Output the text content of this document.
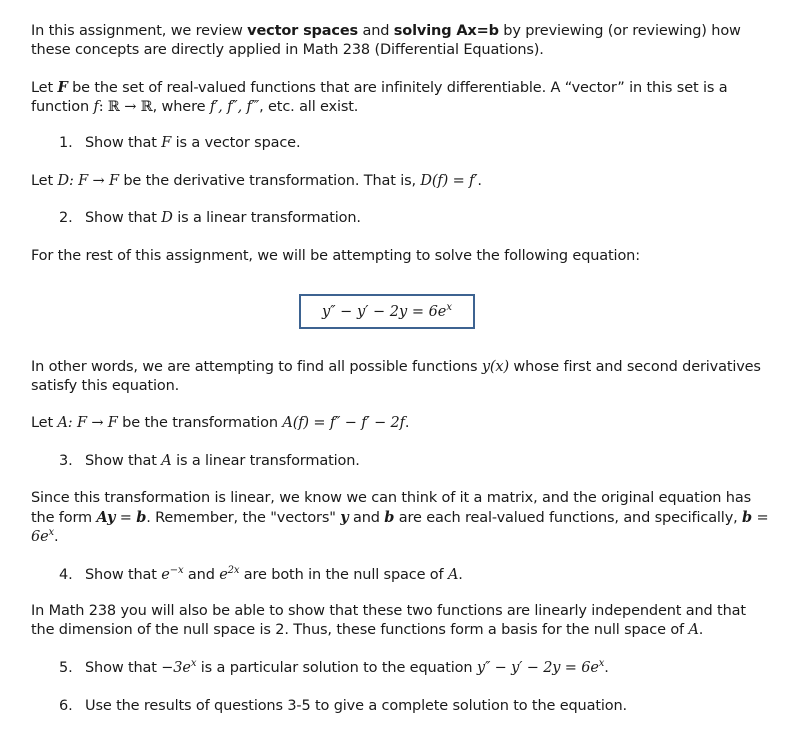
In this assignment, we review vector spaces and solving Ax=b by previewing (or reviewing) how these concepts are directly applied in Math 238 (Differential Equations).
Let F be the set of real-valued functions that are infinitely differentiable. A “vector” in this set is a function f: ℝ → ℝ, where f′, f″, f‴, etc. all exist.
1. Show that F is a vector space.
Let D: F → F be the derivative transformation. That is, D(f) = f′.
2. Show that D is a linear transformation.
For the rest of this assignment, we will be attempting to solve the following equation:
$y'' - y' - 2y = 6e^x$
In other words, we are attempting to find all possible functions y(x) whose first and second derivatives satisfy this equation.
Let A: F → F be the transformation A(f) = f″ − f′ − 2f.
3. Show that A is a linear transformation.
Since this transformation is linear, we know we can think of it a matrix, and the original equation has the form Ay = b. Remember, the "vectors" y and b are each real-valued functions, and specifically, $b = 6e^x$.
4. Show that $e^{-x}$ and $e^{2x}$ are both in the null space of A.
In Math 238 you will also be able to show that these two functions are linearly independent and that the dimension of the null space is 2. Thus, these functions form a basis for the null space of A.
5. Show that $-3e^x$ is a particular solution to the equation $y'' - y' - 2y = 6e^x$.
6. Use the results of questions 3-5 to give a complete solution to the equation.
